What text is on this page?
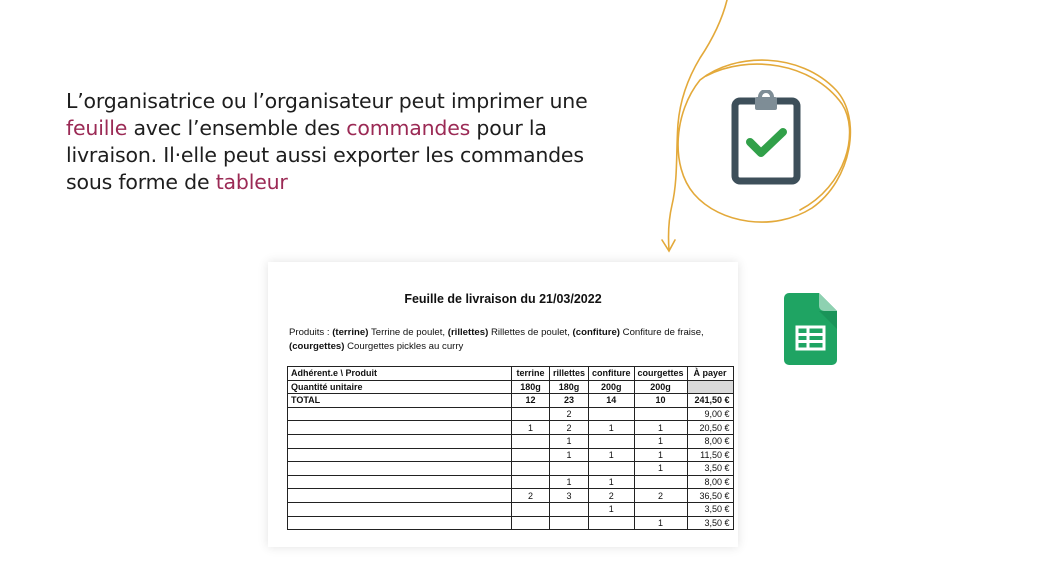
L’organisatrice ou l’organisateur peut imprimer une feuille avec l’ensemble des commandes pour la livraison. Il·elle peut aussi exporter les commandes sous forme de tableur

Feuille de livraison du 21/03/2022
Produits : (terrine) Terrine de poulet, (rillettes) Rillettes de poulet, (confiture) Confiture de fraise,
(courgettes) Courgettes pickles au curry
Adhérent.e \ Produit	terrine	rillettes	confiture	courgettes	À payer
Quantité unitaire	180g	180g	200g	200g	
TOTAL	12	23	14	10	241,50 €
		2			9,00 €
	1	2	1	1	20,50 €
		1		1	8,00 €
		1	1	1	11,50 €
				1	3,50 €
		1	1		8,00 €
	2	3	2	2	36,50 €
			1		3,50 €
				1	3,50 €
